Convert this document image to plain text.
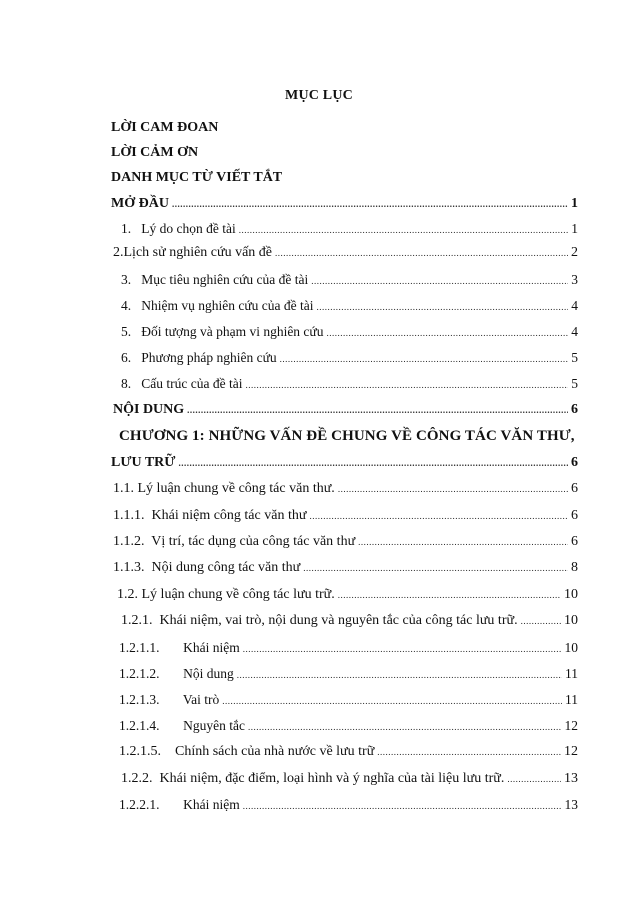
MỤC LỤC
LỜI CAM ĐOAN
LỜI CẢM ƠN
DANH MỤC TỪ VIẾT TẮT
MỞ ĐẦU .....	1
1.   Lý do chọn đề tài .....	1
2.Lịch sử nghiên cứu vấn đề .....	2
3.   Mục tiêu nghiên cứu của đề tài .....	3
4.   Nhiệm vụ nghiên cứu của đề tài .....	4
5.   Đối tượng và phạm vi nghiên cứu .....	4
6.   Phương pháp nghiên cứu .....	5
8.   Cấu trúc của đề tài .....	5
NỘI DUNG .....	6
CHƯƠNG 1: NHỮNG VẤN ĐỀ CHUNG VỀ CÔNG TÁC VĂN THƯ,
LƯU TRỮ .....	6
1.1. Lý luận chung về công tác văn thư. .....	6
1.1.1.  Khái niệm công tác văn thư .....	6
1.1.2.  Vị trí, tác dụng của công tác văn thư .....	6
1.1.3.  Nội dung công tác văn thư .....	8
1.2. Lý luận chung về công tác lưu trữ. .....	10
1.2.1.  Khái niệm, vai trò, nội dung và nguyên tắc của công tác lưu trữ. .....	10
1.2.1.1.       Khái niệm .....	10
1.2.1.2.       Nội dung .....	11
1.2.1.3.       Vai trò .....	11
1.2.1.4.       Nguyên tắc .....	12
1.2.1.5.    Chính sách của nhà nước về lưu trữ .....	12
1.2.2.  Khái niệm, đặc điểm, loại hình và ý nghĩa của tài liệu lưu trữ. .....	13
1.2.2.1.       Khái niệm .....	13
